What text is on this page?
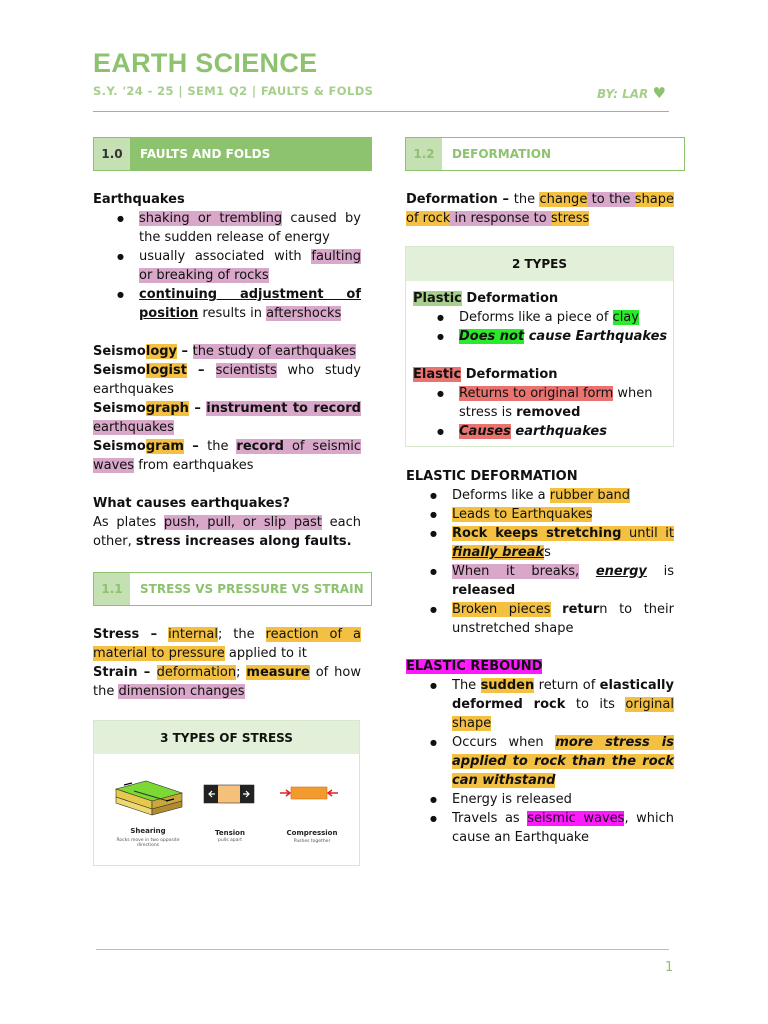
EARTH SCIENCE
S.Y. '24 - 25 | SEM1 Q2 | FAULTS & FOLDS	BY: LAR ♥
1.0	FAULTS AND FOLDS	1.2	DEFORMATION
Earthquakes
● shaking or trembling caused by the sudden release of energy
● usually associated with faulting or breaking of rocks
● continuing adjustment of position results in aftershocks
Seismology – the study of earthquakes
Seismologist – scientists who study earthquakes
Seismograph – instrument to record earthquakes
Seismogram – the record of seismic waves from earthquakes
What causes earthquakes?
As plates push, pull, or slip past each other, stress increases along faults.
1.1	STRESS VS PRESSURE VS STRAIN
Stress – internal; the reaction of a material to pressure applied to it
Strain – deformation; measure of how the dimension changes
3 TYPES OF STRESS
Shearing
Rocks move in two opposite directions
Tension
pulls apart
Compression
Pushes together
Deformation – the change to the shape of rock in response to stress
2 TYPES
Plastic Deformation
● Deforms like a piece of clay
● Does not cause Earthquakes
Elastic Deformation
● Returns to original form when stress is removed
● Causes earthquakes
ELASTIC DEFORMATION
● Deforms like a rubber band
● Leads to Earthquakes
● Rock keeps stretching until it finally breaks
● When it breaks, energy is released
● Broken pieces return to their unstretched shape
ELASTIC REBOUND
● The sudden return of elastically deformed rock to its original shape
● Occurs when more stress is applied to rock than the rock can withstand
● Energy is released
● Travels as seismic waves, which cause an Earthquake
1
